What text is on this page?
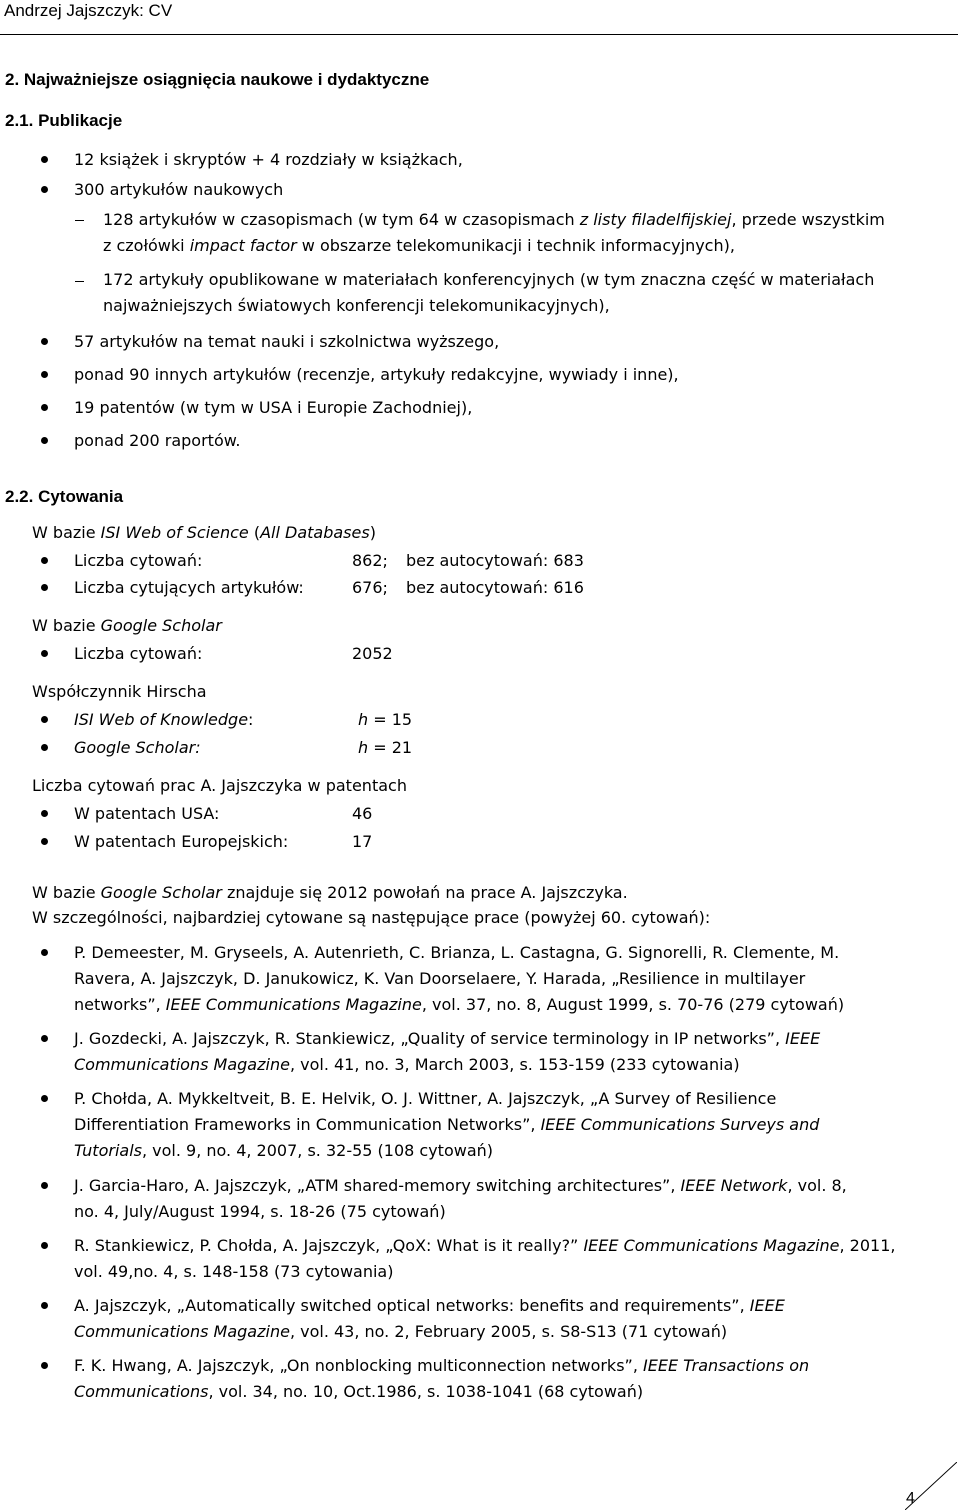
Andrzej Jajszczyk: CV
2. Najważniejsze osiągnięcia naukowe i dydaktyczne
2.1. Publikacje
12 książek i skryptów + 4 rozdziały w książkach,
300 artykułów naukowych
128 artykułów w czasopismach (w tym 64 w czasopismach z listy filadelfijskiej, przede wszystkim
z czołówki impact factor w obszarze telekomunikacji i technik informacyjnych),
172 artykuły opublikowane w materiałach konferencyjnych (w tym znaczna część w materiałach
najważniejszych światowych konferencji telekomunikacyjnych),
57 artykułów na temat nauki i szkolnictwa wyższego,
ponad 90 innych artykułów (recenzje, artykuły redakcyjne, wywiady i inne),
19 patentów (w tym w USA i Europie Zachodniej),
ponad 200 raportów.
2.2. Cytowania
W bazie ISI Web of Science (All Databases)
Liczba cytowań:	862; bez autocytowań: 683
Liczba cytujących artykułów:	676; bez autocytowań: 616
W bazie Google Scholar
Liczba cytowań:	2052
Współczynnik Hirscha
ISI Web of Knowledge:	h = 15
Google Scholar:	h = 21
Liczba cytowań prac A. Jajszczyka w patentach
W patentach USA:	46
W patentach Europejskich:	17
W bazie Google Scholar znajduje się 2012 powołań na prace A. Jajszczyka.
W szczególności, najbardziej cytowane są następujące prace (powyżej 60. cytowań):
P. Demeester, M. Gryseels, A. Autenrieth, C. Brianza, L. Castagna, G. Signorelli, R. Clemente, M.
Ravera, A. Jajszczyk, D. Janukowicz, K. Van Doorselaere, Y. Harada, „Resilience in multilayer
networks”, IEEE Communications Magazine, vol. 37, no. 8, August 1999, s. 70-76 (279 cytowań)
J. Gozdecki, A. Jajszczyk, R. Stankiewicz, „Quality of service terminology in IP networks”, IEEE
Communications Magazine, vol. 41, no. 3, March 2003, s. 153-159 (233 cytowania)
P. Chołda, A. Mykkeltveit, B. E. Helvik, O. J. Wittner, A. Jajszczyk, „A Survey of Resilience
Differentiation Frameworks in Communication Networks”, IEEE Communications Surveys and
Tutorials, vol. 9, no. 4, 2007, s. 32-55 (108 cytowań)
J. Garcia-Haro, A. Jajszczyk, „ATM shared-memory switching architectures”, IEEE Network, vol. 8,
no. 4, July/August 1994, s. 18-26 (75 cytowań)
R. Stankiewicz, P. Chołda, A. Jajszczyk, „QoX: What is it really?” IEEE Communications Magazine, 2011,
vol. 49,no. 4, s. 148-158 (73 cytowania)
A. Jajszczyk, „Automatically switched optical networks: benefits and requirements”, IEEE
Communications Magazine, vol. 43, no. 2, February 2005, s. S8-S13 (71 cytowań)
F. K. Hwang, A. Jajszczyk, „On nonblocking multiconnection networks”, IEEE Transactions on
Communications, vol. 34, no. 10, Oct.1986, s. 1038-1041 (68 cytowań)
4
